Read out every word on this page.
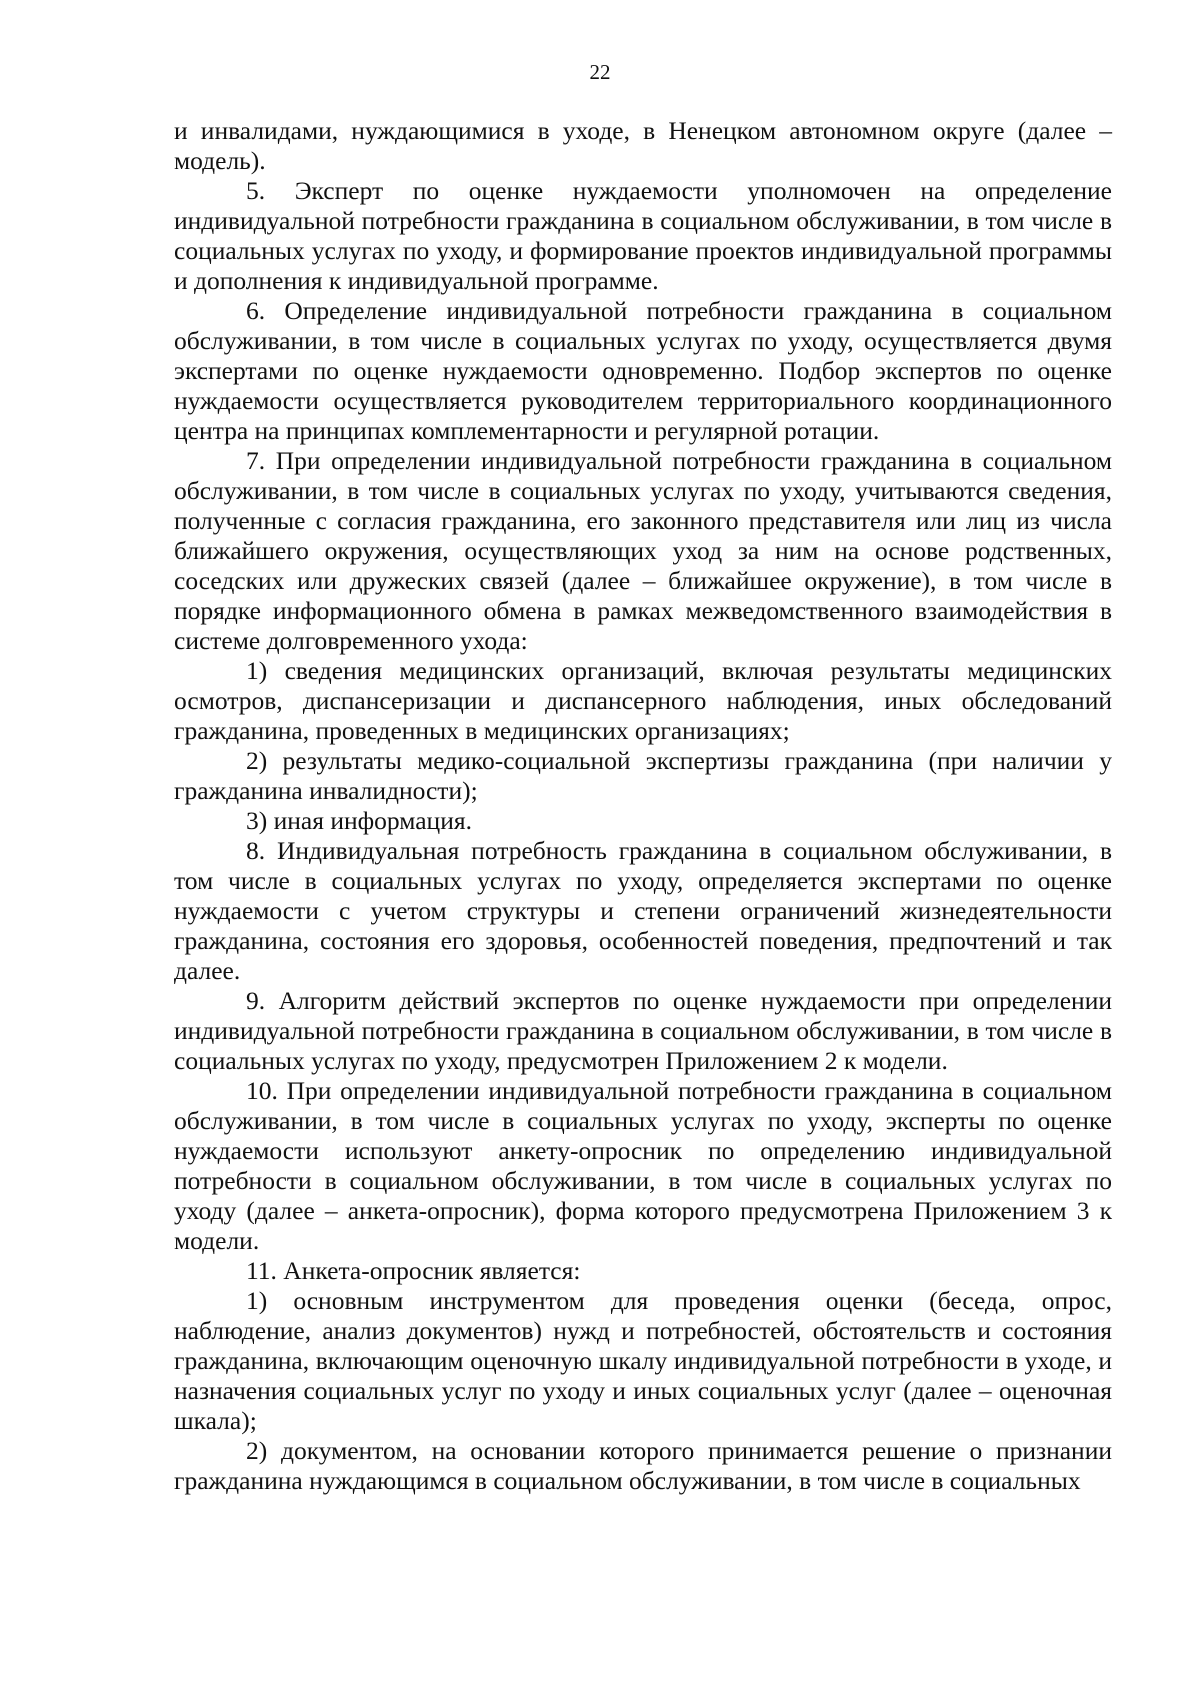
22

и инвалидами, нуждающимися в уходе, в Ненецком автономном округе (далее – модель).

5. Эксперт по оценке нуждаемости уполномочен на определение индивидуальной потребности гражданина в социальном обслуживании, в том числе в социальных услугах по уходу, и формирование проектов индивидуальной программы и дополнения к индивидуальной программе.

6. Определение индивидуальной потребности гражданина в социальном обслуживании, в том числе в социальных услугах по уходу, осуществляется двумя экспертами по оценке нуждаемости одновременно. Подбор экспертов по оценке нуждаемости осуществляется руководителем территориального координационного центра на принципах комплементарности и регулярной ротации.

7. При определении индивидуальной потребности гражданина в социальном обслуживании, в том числе в социальных услугах по уходу, учитываются сведения, полученные с согласия гражданина, его законного представителя или лиц из числа ближайшего окружения, осуществляющих уход за ним на основе родственных, соседских или дружеских связей (далее – ближайшее окружение), в том числе в порядке информационного обмена в рамках межведомственного взаимодействия в системе долговременного ухода:

1) сведения медицинских организаций, включая результаты медицинских осмотров, диспансеризации и диспансерного наблюдения, иных обследований гражданина, проведенных в медицинских организациях;

2) результаты медико-социальной экспертизы гражданина (при наличии у гражданина инвалидности);

3) иная информация.

8. Индивидуальная потребность гражданина в социальном обслуживании, в том числе в социальных услугах по уходу, определяется экспертами по оценке нуждаемости с учетом структуры и степени ограничений жизнедеятельности гражданина, состояния его здоровья, особенностей поведения, предпочтений и так далее.

9. Алгоритм действий экспертов по оценке нуждаемости при определении индивидуальной потребности гражданина в социальном обслуживании, в том числе в социальных услугах по уходу, предусмотрен Приложением 2 к модели.

10. При определении индивидуальной потребности гражданина в социальном обслуживании, в том числе в социальных услугах по уходу, эксперты по оценке нуждаемости используют анкету-опросник по определению индивидуальной потребности в социальном обслуживании, в том числе в социальных услугах по уходу (далее – анкета-опросник), форма которого предусмотрена Приложением 3 к модели.

11. Анкета-опросник является:

1) основным инструментом для проведения оценки (беседа, опрос, наблюдение, анализ документов) нужд и потребностей, обстоятельств и состояния гражданина, включающим оценочную шкалу индивидуальной потребности в уходе, и назначения социальных услуг по уходу и иных социальных услуг (далее – оценочная шкала);

2) документом, на основании которого принимается решение о признании гражданина нуждающимся в социальном обслуживании, в том числе в социальных
